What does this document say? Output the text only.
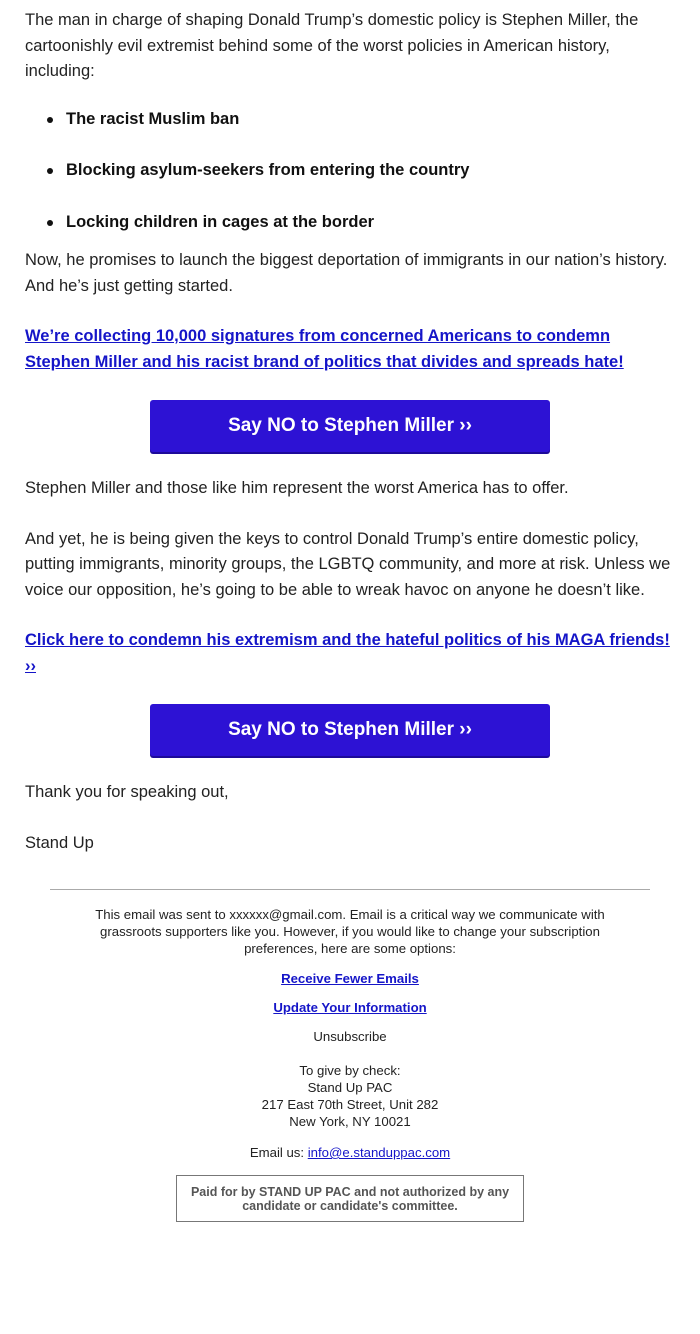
The man in charge of shaping Donald Trump’s domestic policy is Stephen Miller, the cartoonishly evil extremist behind some of the worst policies in American history, including:

The racist Muslim ban
Blocking asylum-seekers from entering the country
Locking children in cages at the border

Now, he promises to launch the biggest deportation of immigrants in our nation’s history. And he’s just getting started.

We’re collecting 10,000 signatures from concerned Americans to condemn Stephen Miller and his racist brand of politics that divides and spreads hate!

Say NO to Stephen Miller ››

Stephen Miller and those like him represent the worst America has to offer.

And yet, he is being given the keys to control Donald Trump’s entire domestic policy, putting immigrants, minority groups, the LGBTQ community, and more at risk. Unless we voice our opposition, he’s going to be able to wreak havoc on anyone he doesn’t like.

Click here to condemn his extremism and the hateful politics of his MAGA friends! ››

Say NO to Stephen Miller ››

Thank you for speaking out,

Stand Up

This email was sent to xxxxxx@gmail.com. Email is a critical way we communicate with grassroots supporters like you. However, if you would like to change your subscription preferences, here are some options:

Receive Fewer Emails

Update Your Information

Unsubscribe

To give by check:
Stand Up PAC
217 East 70th Street, Unit 282
New York, NY 10021

Email us: info@e.standuppac.com

Paid for by STAND UP PAC and not authorized by any candidate or candidate's committee.
